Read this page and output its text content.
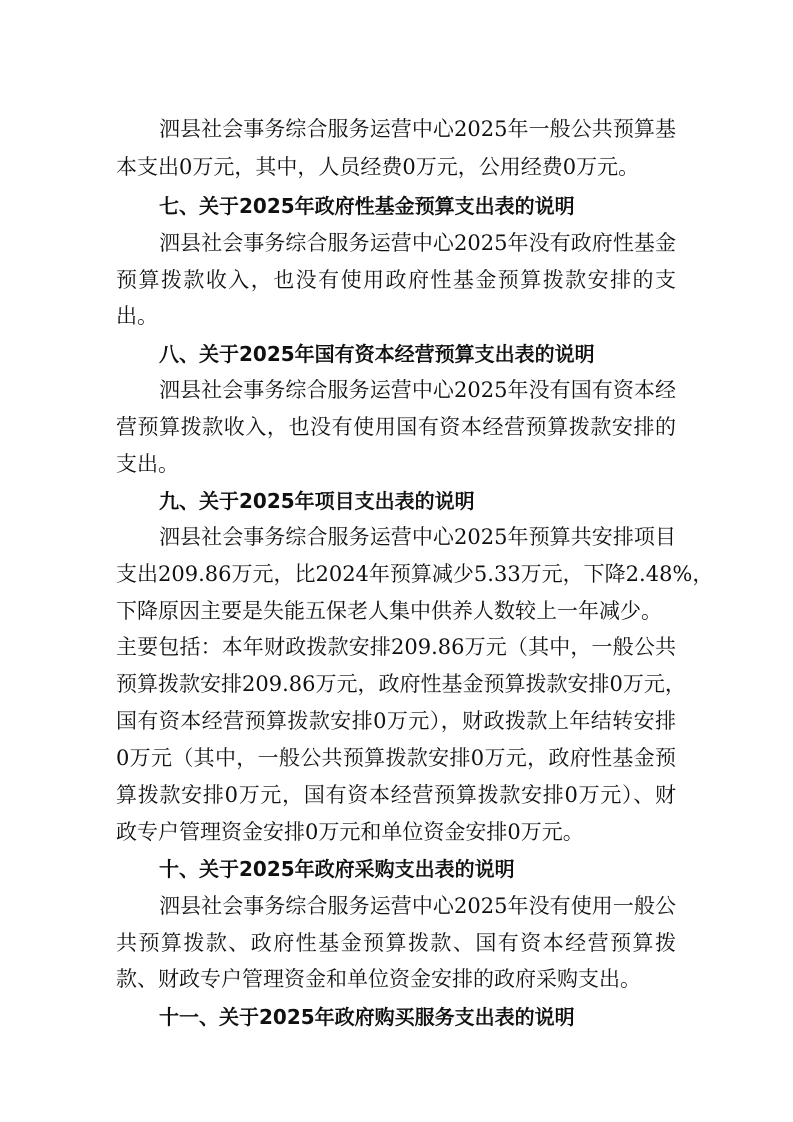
泗县社会事务综合服务运营中心2025年一般公共预算基
本支出0万元，其中，人员经费0万元，公用经费0万元。
七、关于2025年政府性基金预算支出表的说明
泗县社会事务综合服务运营中心2025年没有政府性基金
预算拨款收入，也没有使用政府性基金预算拨款安排的支
出。
八、关于2025年国有资本经营预算支出表的说明
泗县社会事务综合服务运营中心2025年没有国有资本经
营预算拨款收入，也没有使用国有资本经营预算拨款安排的
支出。
九、关于2025年项目支出表的说明
泗县社会事务综合服务运营中心2025年预算共安排项目
支出209.86万元，比2024年预算减少5.33万元，下降2.48%，
下降原因主要是失能五保老人集中供养人数较上一年减少。
主要包括：本年财政拨款安排209.86万元（其中，一般公共
预算拨款安排209.86万元，政府性基金预算拨款安排0万元，
国有资本经营预算拨款安排0万元），财政拨款上年结转安排
0万元（其中，一般公共预算拨款安排0万元，政府性基金预
算拨款安排0万元，国有资本经营预算拨款安排0万元）、财
政专户管理资金安排0万元和单位资金安排0万元。
十、关于2025年政府采购支出表的说明
泗县社会事务综合服务运营中心2025年没有使用一般公
共预算拨款、政府性基金预算拨款、国有资本经营预算拨
款、财政专户管理资金和单位资金安排的政府采购支出。
十一、关于2025年政府购买服务支出表的说明
